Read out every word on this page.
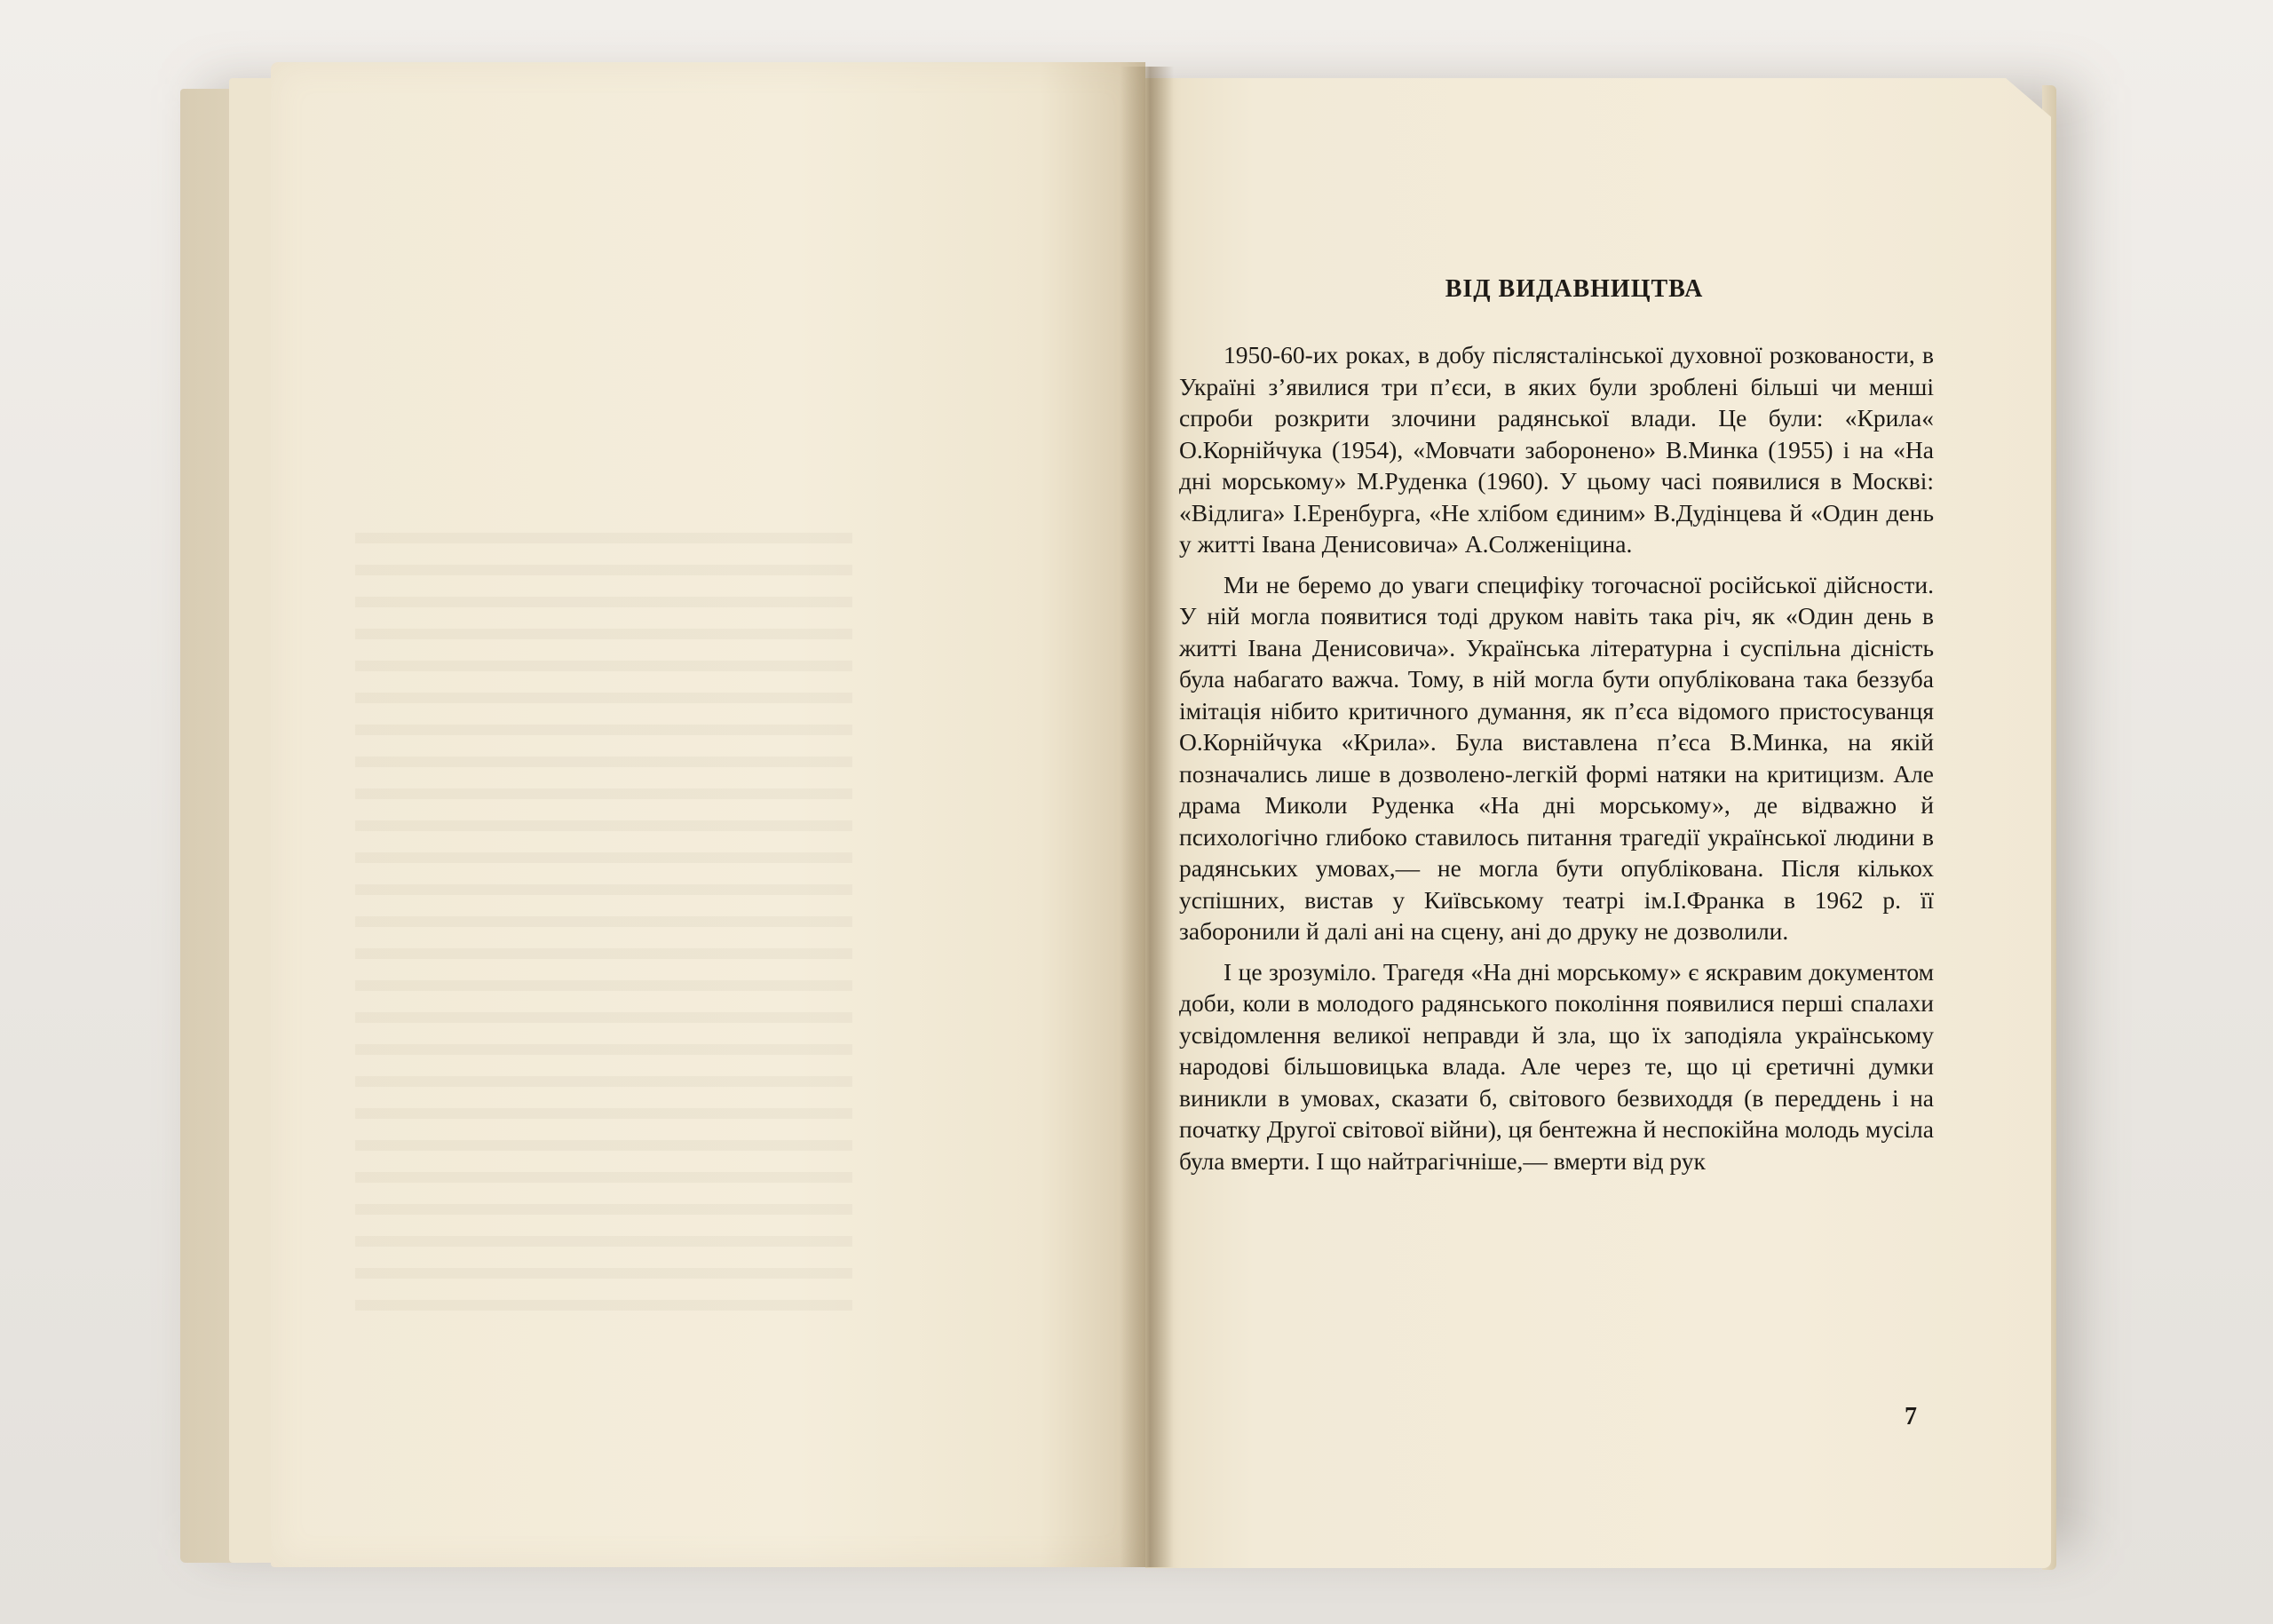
ВІД ВИДАВНИЦТВА

1950-60-их роках, в добу післясталінської духовної розкованости, в Україні з’явилися три п’єси, в яких були зроблені більші чи менші спроби розкрити злочини радянської влади. Це були: «Крила« О.Корнійчука (1954), «Мовчати заборонено» В.Минка (1955) і на «На дні морському» М.Руденка (1960). У цьому часі появилися в Москві: «Відлига» І.Еренбурга, «Не хлібом єдиним» В.Дудінцева й «Один день у житті Івана Денисовича» А.Солженіцина.

Ми не беремо до уваги специфіку тогочасної російської дійсности. У ній могла появитися тоді друком навіть така річ, як «Один день в житті Івана Денисовича». Українська літературна і суспільна дісність була набагато важча. Тому, в ній могла бути опублікована така беззуба імітація нібито критичного думання, як п’єса відомого пристосуванця О.Корнійчука «Крила». Була виставлена п’єса В.Минка, на якій позначались лише в дозволено-легкій формі натяки на критицизм. Але драма Миколи Руденка «На дні морському», де відважно й психологічно глибоко ставилось питання трагедії української людини в радянських умовах,— не могла бути опублікована. Після кількох успішних, вистав у Київському театрі ім.І.Франка в 1962 р. її заборонили й далі ані на сцену, ані до друку не дозволили.

І це зрозуміло. Трагедя «На дні морському» є яскравим документом доби, коли в молодого радянського покоління появилися перші спалахи усвідомлення великої неправди й зла, що їх заподіяла українському народові більшовицька влада. Але через те, що ці єретичні думки виникли в умовах, сказати б, світового безвиходдя (в переддень і на початку Другої світової війни), ця бентежна й неспокійна молодь мусіла була вмерти. І що найтрагічніше,— вмерти від рук

7
